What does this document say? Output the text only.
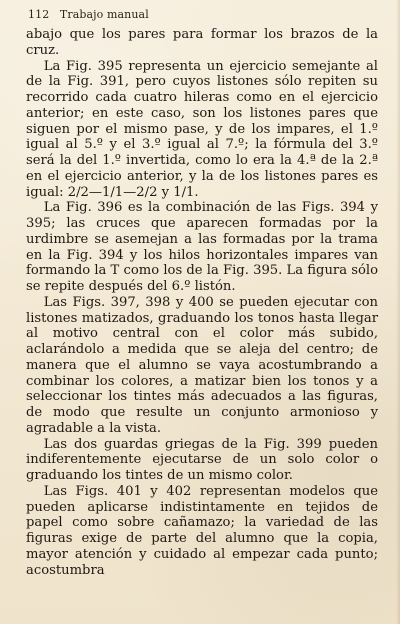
112 Trabajo manual

abajo que los pares para formar los brazos de la cruz.

La Fig. 395 representa un ejercicio semejante al de la Fig. 391, pero cuyos listones sólo repiten su recorrido cada cuatro hileras como en el ejercicio anterior; en este caso, son los listones pares que siguen por el mismo pase, y de los impares, el 1.º igual al 5.º y el 3.º igual al 7.º; la fórmula del 3.º será la del 1.º invertida, como lo era la 4.ª de la 2.ª en el ejercicio anterior, y la de los listones pares es igual: 2/2—1/1—2/2 y 1/1.

La Fig. 396 es la combinación de las Figs. 394 y 395; las cruces que aparecen formadas por la urdimbre se asemejan a las formadas por la trama en la Fig. 394 y los hilos horizontales impares van formando la T como los de la Fig. 395. La figura sólo se repite después del 6.º listón.

Las Figs. 397, 398 y 400 se pueden ejecutar con listones matizados, graduando los tonos hasta llegar al motivo central con el color más subido, aclarándolo a medida que se aleja del centro; de manera que el alumno se vaya acostumbrando a combinar los colores, a matizar bien los tonos y a seleccionar los tintes más adecuados a las figuras, de modo que resulte un conjunto armonioso y agradable a la vista.

Las dos guardas griegas de la Fig. 399 pueden indiferentemente ejecutarse de un solo color o graduando los tintes de un mismo color.

Las Figs. 401 y 402 representan modelos que pueden aplicarse indistintamente en tejidos de papel como sobre cañamazo; la variedad de las figuras exige de parte del alumno que la copia, mayor atención y cuidado al empezar cada punto; acostumbra
